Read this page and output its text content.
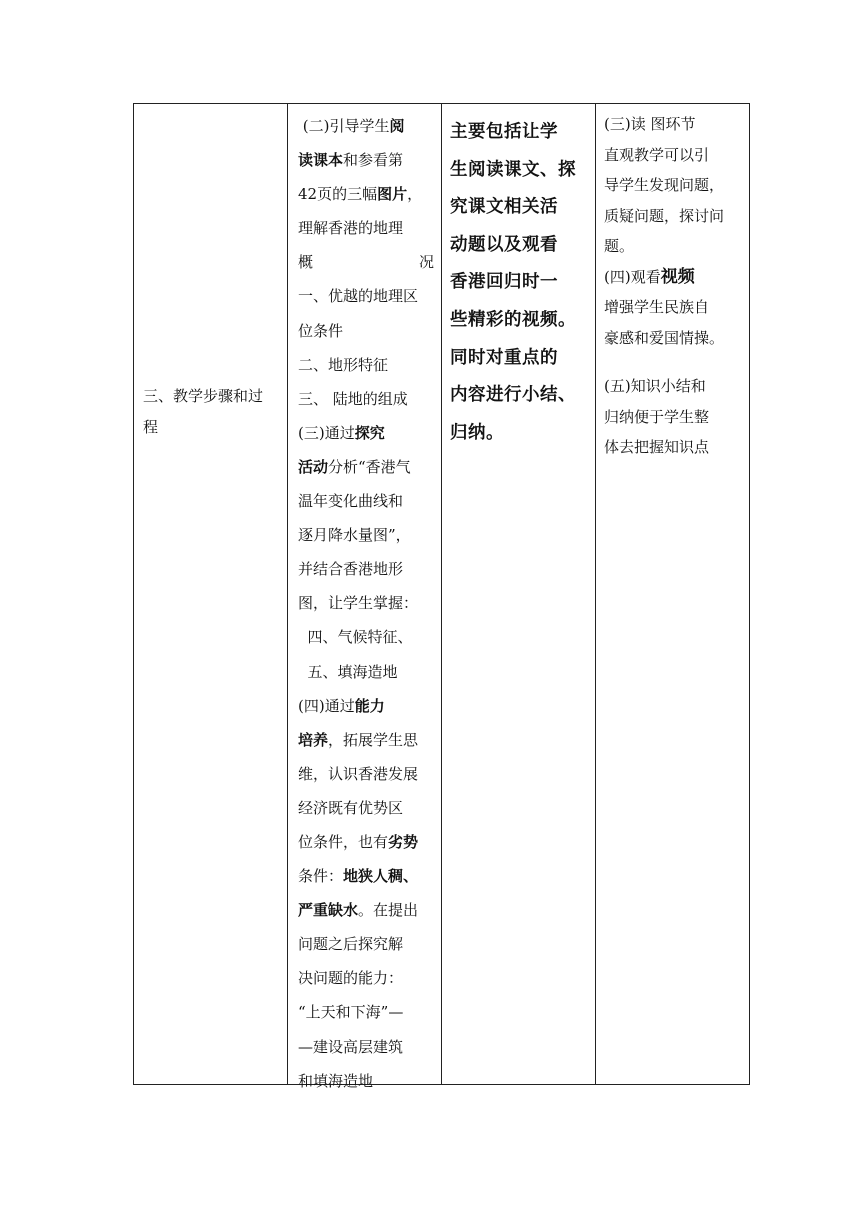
三、教学步骤和过
程
(二)引导学生阅
读课本和参看第
42页的三幅图片，
理解香港的地理
概	况
一、优越的地理区
位条件
二、地形特征
三、 陆地的组成
(三)通过探究
活动分析“香港气
温年变化曲线和
逐月降水量图”，
并结合香港地形
图，让学生掌握：
四、气候特征、
五、填海造地
(四)通过能力
培养，拓展学生思
维，认识香港发展
经济既有优势区
位条件，也有劣势
条件：地狭人稠、
严重缺水。在提出
问题之后探究解
决问题的能力：
“上天和下海”—
—建设高层建筑
和填海造地
主要包括让学
生阅读课文、探
究课文相关活
动题以及观看
香港回归时一
些精彩的视频。
同时对重点的
内容进行小结、
归纳。
(三)读 图环节
直观教学可以引
导学生发现问题，
质疑问题，探讨问
题。
(四)观看视频
增强学生民族自
豪感和爱国情操。
(五)知识小结和
归纳便于学生整
体去把握知识点
